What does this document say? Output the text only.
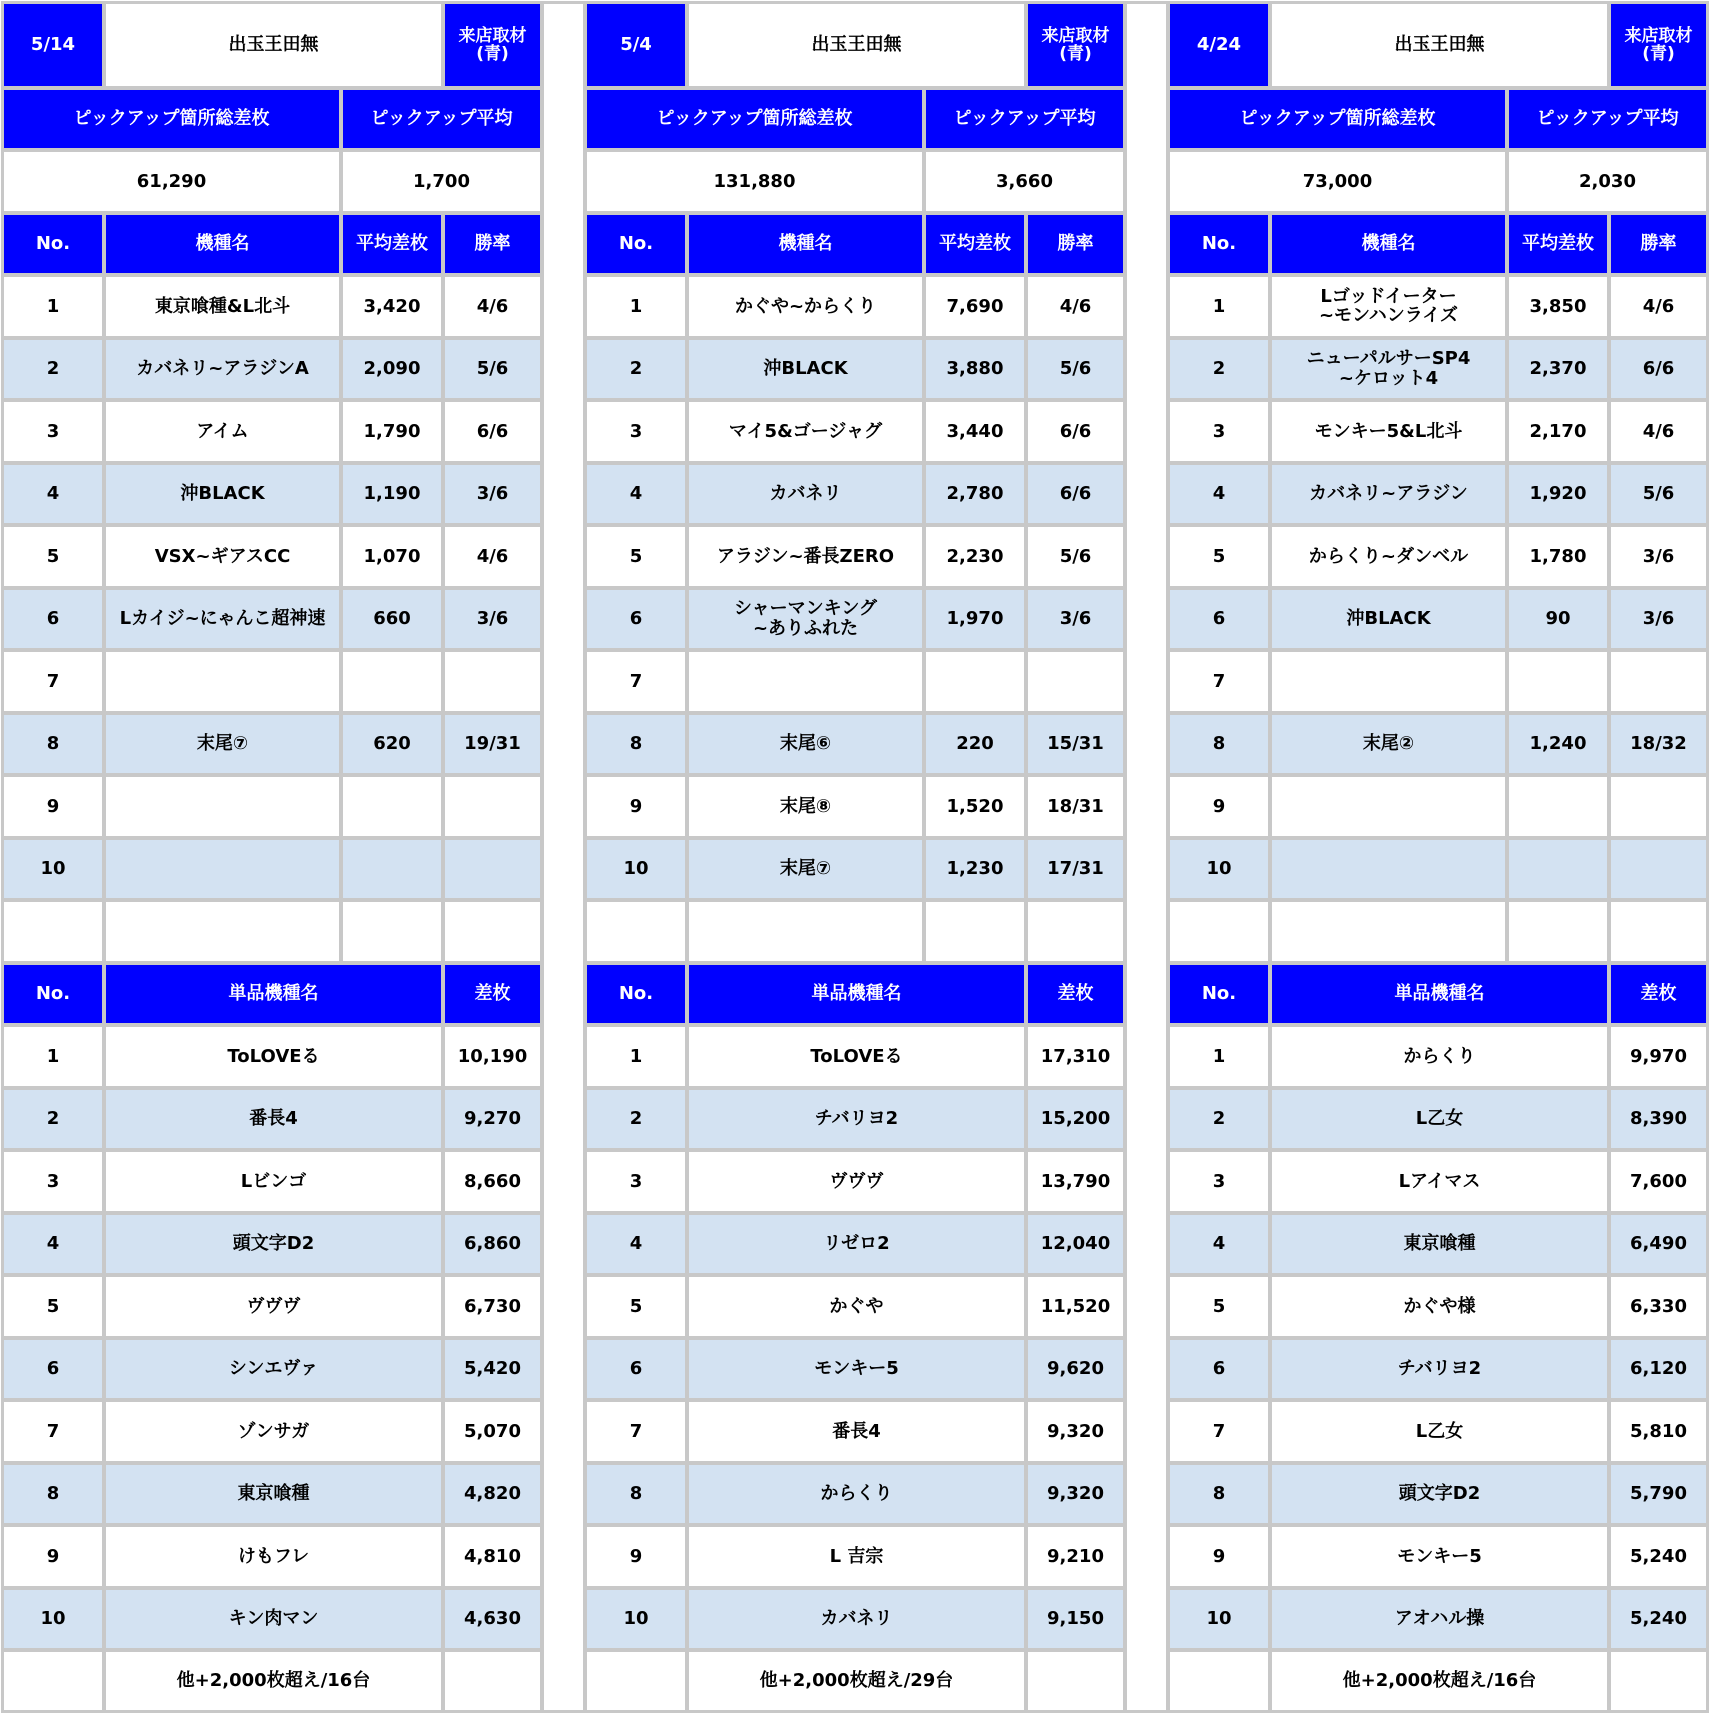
5/14	出玉王田無	来店取材
(青)
ピックアップ箇所総差枚	ピックアップ平均
61,290	1,700
No.	機種名	平均差枚	勝率
1	東京喰種&L北斗	3,420	4/6
2	カバネリ~アラジンA	2,090	5/6
3	アイム	1,790	6/6
4	沖BLACK	1,190	3/6
5	VSX~ギアスCC	1,070	4/6
6	Lカイジ~にゃんこ超神速	660	3/6
7
8	末尾⑦	620	19/31
9
10
No.	単品機種名	差枚
1	ToLOVEる	10,190
2	番長4	9,270
3	Lビンゴ	8,660
4	頭文字D2	6,860
5	ヴヴヴ	6,730
6	シンエヴァ	5,420
7	ゾンサガ	5,070
8	東京喰種	4,820
9	けもフレ	4,810
10	キン肉マン	4,630
他+2,000枚超え/16台
5/4	出玉王田無	来店取材
(青)
ピックアップ箇所総差枚	ピックアップ平均
131,880	3,660
No.	機種名	平均差枚	勝率
1	かぐや~からくり	7,690	4/6
2	沖BLACK	3,880	5/6
3	マイ5&ゴージャグ	3,440	6/6
4	カバネリ	2,780	6/6
5	アラジン~番長ZERO	2,230	5/6
6	シャーマンキング
~ありふれた	1,970	3/6
7
8	末尾⑥	220	15/31
9	末尾⑧	1,520	18/31
10	末尾⑦	1,230	17/31
No.	単品機種名	差枚
1	ToLOVEる	17,310
2	チバリヨ2	15,200
3	ヴヴヴ	13,790
4	リゼロ2	12,040
5	かぐや	11,520
6	モンキー5	9,620
7	番長4	9,320
8	からくり	9,320
9	L 吉宗	9,210
10	カバネリ	9,150
他+2,000枚超え/29台
4/24	出玉王田無	来店取材
(青)
ピックアップ箇所総差枚	ピックアップ平均
73,000	2,030
No.	機種名	平均差枚	勝率
1	Lゴッドイーター
~モンハンライズ	3,850	4/6
2	ニューパルサーSP4
~ケロット4	2,370	6/6
3	モンキー5&L北斗	2,170	4/6
4	カバネリ~アラジン	1,920	5/6
5	からくり~ダンベル	1,780	3/6
6	沖BLACK	90	3/6
7
8	末尾②	1,240	18/32
9
10
No.	単品機種名	差枚
1	からくり	9,970
2	L乙女	8,390
3	Lアイマス	7,600
4	東京喰種	6,490
5	かぐや様	6,330
6	チバリヨ2	6,120
7	L乙女	5,810
8	頭文字D2	5,790
9	モンキー5	5,240
10	アオハル操	5,240
他+2,000枚超え/16台
